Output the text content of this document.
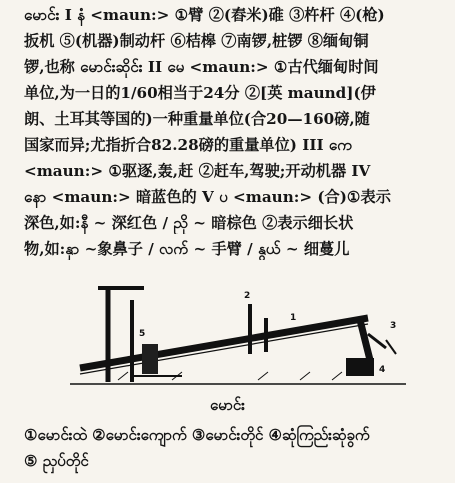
မောင်း I နံ <maun:> ①臂 ②(舂米)碓 ③杵杆 ④(枪)
扳机 ⑤(机器)制动杆 ⑥桔槔 ⑦南锣,桩锣 ⑧缅甸铜
锣,也称 မောင်းဆိုင်း II မေ <maun:> ①古代缅甸时间
单位,为一日的1/60相当于24分 ②[英 maund](伊
朗、土耳其等国的)一种重量单位(合20—160磅,随
国家而异;尤指折合82.28磅的重量单位) III ကေ
<maun:> ①驱逐,轰,赶 ②赶车,驾驶;开动机器 IV
နော <maun:> 暗蓝色的 V ပ <maun:> (合)①表示
深色,如:နီ ~ 深红色 / ညို ~ 暗棕色 ②表示细长状
物,如:နှာ ~象鼻子 / လက် ~ 手臂 / နွယ် ~ 细蔓儿
5
2
1
3
4
မောင်း
①မောင်းထဲ ②မောင်းကျောက် ③မောင်းတိုင် ④ဆုံကြည်းဆုံခွက်
⑤ ညှပ်တိုင်
